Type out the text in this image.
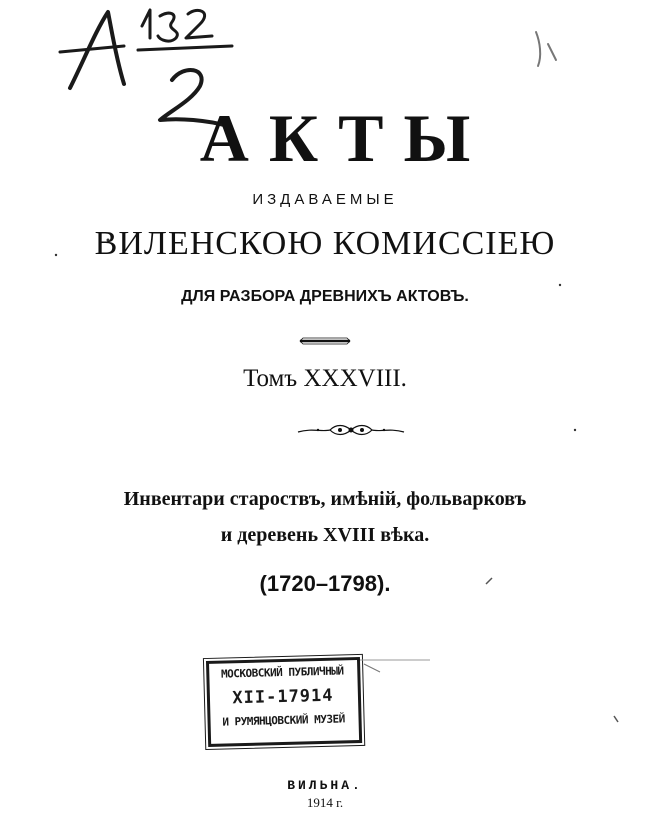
АКТЫ
ИЗДАВАЕМЫЕ
ВИЛЕНСКОЮ КОМИССІЕЮ
ДЛЯ РАЗБОРА ДРЕВНИХЪ АКТОВЪ.
Томъ XXXVIII.
Инвентари староствъ, имѣній, фольварковъ
и деревень XVIII вѣка.
(1720–1798).
МОСКОВСКИЙ ПУБЛИЧНЫЙ
XII-17914
И РУМЯНЦОВСКИЙ МУЗЕЙ
ВИЛЬНА.
1914 г.
